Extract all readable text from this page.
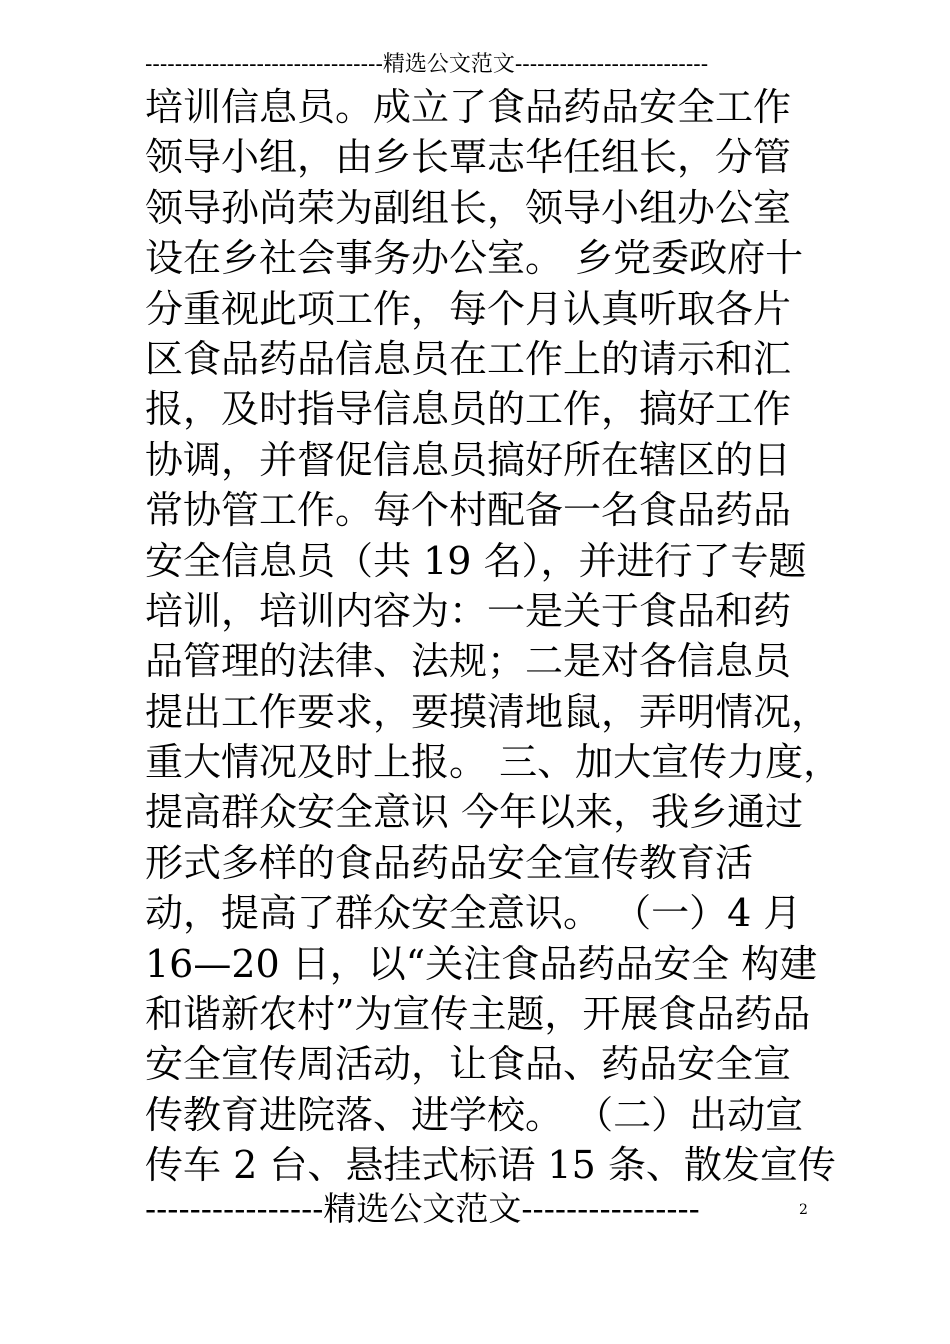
--------------------------------精选公文范文--------------------------
培训信息员。成立了食品药品安全工作
领导小组，由乡长覃志华任组长，分管
领导孙尚荣为副组长，领导小组办公室
设在乡社会事务办公室。 乡党委政府十
分重视此项工作，每个月认真听取各片
区食品药品信息员在工作上的请示和汇
报，及时指导信息员的工作，搞好工作
协调，并督促信息员搞好所在辖区的日
常协管工作。每个村配备一名食品药品
安全信息员（共 19 名），并进行了专题
培训，培训内容为：一是关于食品和药
品管理的法律、法规；二是对各信息员
提出工作要求，要摸清地鼠，弄明情况，
重大情况及时上报。 三、加大宣传力度，
提高群众安全意识 今年以来，我乡通过
形式多样的食品药品安全宣传教育活
动，提高了群众安全意识。 （一）4 月
16—20 日，以“关注食品药品安全 构建
和谐新农村”为宣传主题，开展食品药品
安全宣传周活动，让食品、药品安全宣
传教育进院落、进学校。 （二）出动宣
传车 2 台、悬挂式标语 15 条、散发宣传
----------------精选公文范文----------------	2
